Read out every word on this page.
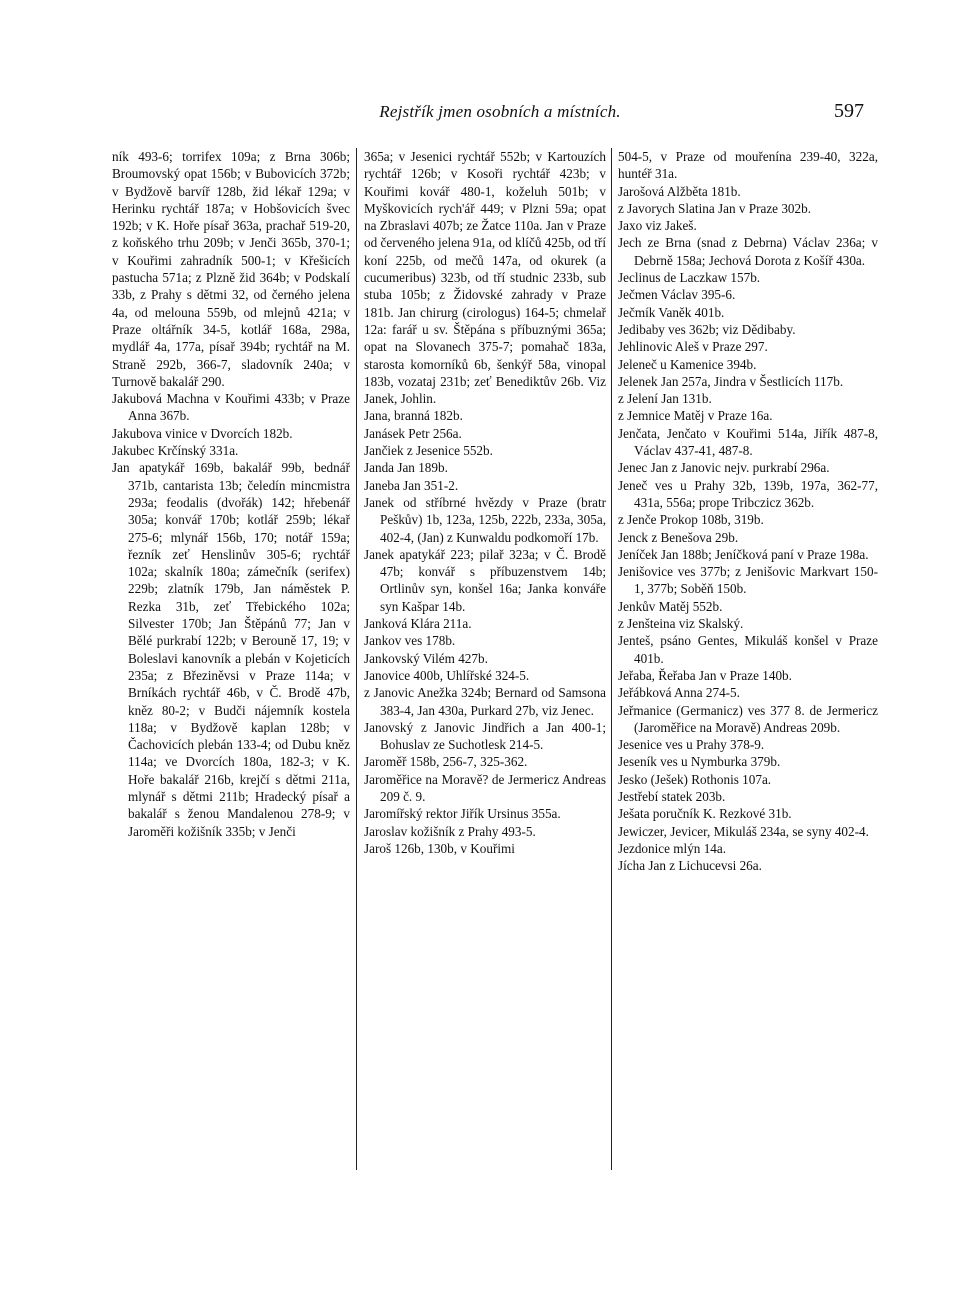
Rejstřík jmen osobních a místních.	597

ník 493-6; torrifex 109a; z Brna 306b; Broumovský opat 156b; v Bubovicích 372b; v Bydžově barvíř 128b, žid lékař 129a; v Herinku rychtář 187a; v Hobšovicích švec 192b; v K. Hoře písař 363a, prachař 519-20, z koňského trhu 209b; v Jenči 365b, 370-1; v Kouřimi zahradník 500-1; v Křešicích pastucha 571a; z Plzně žid 364b; v Podskalí 33b, z Prahy s dětmi 32, od černého jelena 4a, od melouna 559b, od mlejnů 421a; v Praze oltářník 34-5, kotlář 168a, 298a, mydlář 4a, 177a, písař 394b; rychtář na M. Straně 292b, 366-7, sladovník 240a; v Turnově bakalář 290.

Jakubová Machna v Kouřimi 433b; v Praze Anna 367b.

Jakubova vinice v Dvorcích 182b.

Jakubec Krčínský 331a.

Jan apatykář 169b, bakalář 99b, bednář 371b, cantarista 13b; čeledín mincmistra 293a; feodalis (dvořák) 142; hřebenář 305a; konvář 170b; kotlář 259b; lékař 275-6; mlynář 156b, 170; notář 159a; řezník zeť Henslinův 305-6; rychtář 102a; skalník 180a; zámečník (serifex) 229b; zlatník 179b, Jan náměstek P. Rezka 31b, zeť Třebického 102a; Silvester 170b; Jan Štěpánů 77; Jan v Bělé purkrabí 122b; v Berouně 17, 19; v Boleslavi kanovník a plebán v Kojeticích 235a; z Březiněvsi v Praze 114a; v Brníkách rychtář 46b, v Č. Brodě 47b, kněz 80-2; v Budči nájemník kostela 118a; v Bydžově kaplan 128b; v Čachovicích plebán 133-4; od Dubu kněz 114a; ve Dvorcích 180a, 182-3; v K. Hoře bakalář 216b, krejčí s dětmi 211a, mlynář s dětmi 211b; Hradecký písař a bakalář s ženou Mandalenou 278-9; v Jaroměři kožišník 335b; v Jenči

365a; v Jesenici rychtář 552b; v Kartouzích rychtář 126b; v Kosoři rychtář 423b; v Kouřimi kovář 480-1, koželuh 501b; v Myškovicích rych'ář 449; v Plzni 59a; opat na Zbraslavi 407b; ze Žatce 110a. Jan v Praze od červeného jelena 91a, od klíčů 425b, od tří koní 225b, od mečů 147a, od okurek (a cucumeribus) 323b, od tří studnic 233b, sub stuba 105b; z Židovské zahrady v Praze 181b. Jan chirurg (cirologus) 164-5; chmelař 12a: farář u sv. Štěpána s příbuznými 365a; opat na Slovanech 375-7; pomahač 183a, starosta komorníků 6b, šenkýř 58a, vinopal 183b, vozataj 231b; zeť Benediktův 26b. Viz Janek, Johlin.

Jana, branná 182b.

Janásek Petr 256a.

Jančiek z Jesenice 552b.

Janda Jan 189b.

Janeba Jan 351-2.

Janek od stříbrné hvězdy v Praze (bratr Peškův) 1b, 123a, 125b, 222b, 233a, 305a, 402-4, (Jan) z Kunwaldu podkomoří 17b.

Janek apatykář 223; pilař 323a; v Č. Brodě 47b; konvář s příbuzenstvem 14b; Ortlinův syn, konšel 16a; Janka konváře syn Kašpar 14b.

Janková Klára 211a.

Jankov ves 178b.

Jankovský Vilém 427b.

Janovice 400b, Uhlířské 324-5.

z Janovic Anežka 324b; Bernard od Samsona 383-4, Jan 430a, Purkard 27b, viz Jenec.

Janovský z Janovic Jindřich a Jan 400-1; Bohuslav ze Suchotlesk 214-5.

Jaroměř 158b, 256-7, 325-362.

Jaroměřice na Moravě? de Jermericz Andreas 209 č. 9.

Jaromířský rektor Jiřík Ursinus 355a.

Jaroslav kožišník z Prahy 493-5.

Jaroš 126b, 130b, v Kouřimi

504-5, v Praze od mouřenína 239-40, 322a, huntéř 31a.

Jarošová Alžběta 181b.

z Javorych Slatina Jan v Praze 302b.

Jaxo viz Jakeš.

Jech ze Brna (snad z Debrna) Václav 236a; v Debrně 158a; Jechová Dorota z Košíř 430a.

Jeclinus de Laczkaw 157b.

Ječmen Václav 395-6.

Ječmík Vaněk 401b.

Jedibaby ves 362b; viz Dědibaby.

Jehlinovic Aleš v Praze 297.

Jeleneč u Kamenice 394b.

Jelenek Jan 257a, Jindra v Šestlicích 117b.

z Jelení Jan 131b.

z Jemnice Matěj v Praze 16a.

Jenčata, Jenčato v Kouřimi 514a, Jiřík 487-8, Václav 437-41, 487-8.

Jenec Jan z Janovic nejv. purkrabí 296a.

Jeneč ves u Prahy 32b, 139b, 197a, 362-77, 431a, 556a; prope Tribczicz 362b.

z Jenče Prokop 108b, 319b.

Jenck z Benešova 29b.

Jeníček Jan 188b; Jeníčková paní v Praze 198a.

Jenišovice ves 377b; z Jenišovic Markvart 150-1, 377b; Soběň 150b.

Jenkův Matěj 552b.

z Jenšteina viz Skalský.

Jenteš, psáno Gentes, Mikuláš konšel v Praze 401b.

Jeřaba, Řeřaba Jan v Praze 140b.

Jeřábková Anna 274-5.

Jeřmanice (Germanicz) ves 377 8. de Jermericz (Jaroměřice na Moravě) Andreas 209b.

Jesenice ves u Prahy 378-9.

Jeseník ves u Nymburka 379b.

Jesko (Ješek) Rothonis 107a.

Jestřebí statek 203b.

Ješata poručník K. Rezkové 31b.

Jewiczer, Jevicer, Mikuláš 234a, se syny 402-4.

Jezdonice mlýn 14a.

Jícha Jan z Lichucevsi 26a.
